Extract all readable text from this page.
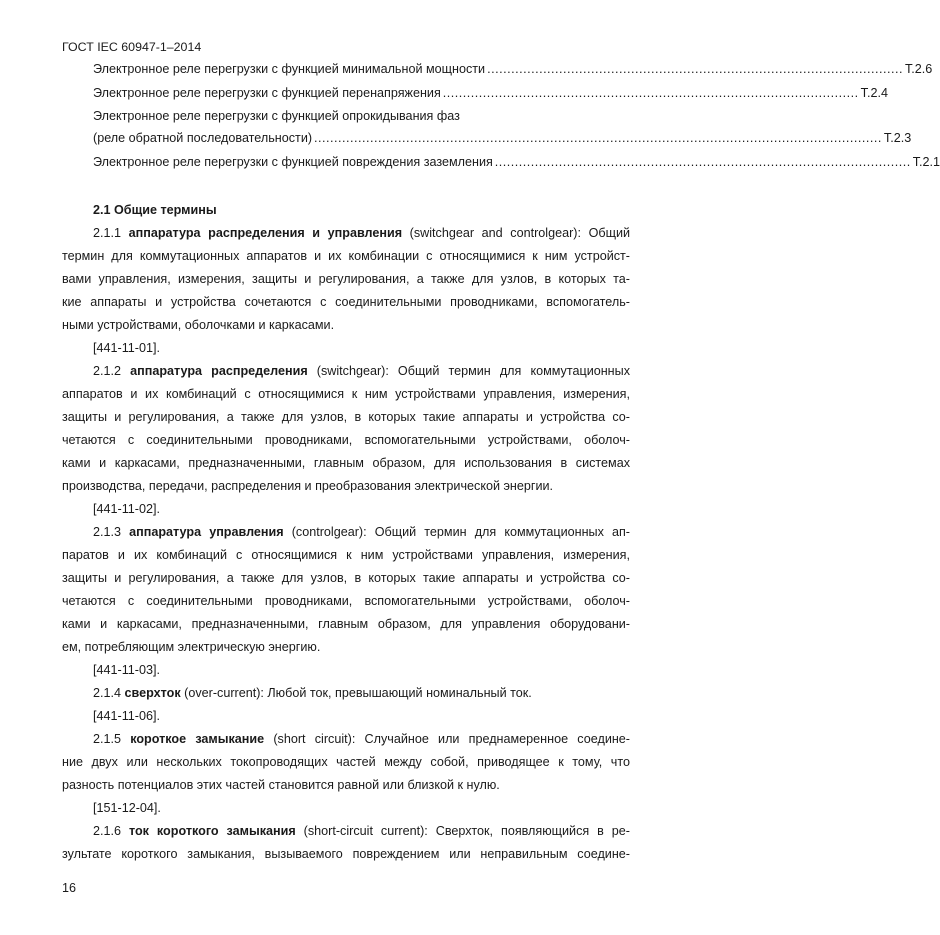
ГОСТ IEC 60947-1–2014
Электронное реле перегрузки с функцией минимальной мощности ........................................................................................................ Т.2.6
Электронное реле перегрузки с функцией перенапряжения ........................................................................................................ Т.2.4
Электронное реле перегрузки с функцией опрокидывания фаз
(реле обратной последовательности) .............................................................................................................................................. Т.2.3
Электронное реле перегрузки с функцией повреждения заземления ........................................................................................................ Т.2.1
2.1 Общие термины
2.1.1 аппаратура распределения и управления (switchgear and controlgear): Общий
термин для коммутационных аппаратов и их комбинации с относящимися к ним устройст-
вами управления, измерения, защиты и регулирования, а также для узлов, в которых та-
кие аппараты и устройства сочетаются с соединительными проводниками, вспомогатель-
ными устройствами, оболочками и каркасами.
[441-11-01].
2.1.2 аппаратура распределения (switchgear): Общий термин для коммутационных
аппаратов и их комбинаций с относящимися к ним устройствами управления, измерения,
защиты и регулирования, а также для узлов, в которых такие аппараты и устройства со-
четаются с соединительными проводниками, вспомогательными устройствами, оболоч-
ками и каркасами, предназначенными, главным образом, для использования в системах
производства, передачи, распределения и преобразования электрической энергии.
[441-11-02].
2.1.3 аппаратура управления (controlgear): Общий термин для коммутационных ап-
паратов и их комбинаций с относящимися к ним устройствами управления, измерения,
защиты и регулирования, а также для узлов, в которых такие аппараты и устройства со-
четаются с соединительными проводниками, вспомогательными устройствами, оболоч-
ками и каркасами, предназначенными, главным образом, для управления оборудовани-
ем, потребляющим электрическую энергию.
[441-11-03].
2.1.4 сверхток (over-current): Любой ток, превышающий номинальный ток.
[441-11-06].
2.1.5 короткое замыкание (short circuit): Случайное или преднамеренное соедине-
ние двух или нескольких токопроводящих частей между собой, приводящее к тому, что
разность потенциалов этих частей становится равной или близкой к нулю.
[151-12-04].
2.1.6 ток короткого замыкания (short-circuit current): Сверхток, появляющийся в ре-
зультате короткого замыкания, вызываемого повреждением или неправильным соедине-
16
